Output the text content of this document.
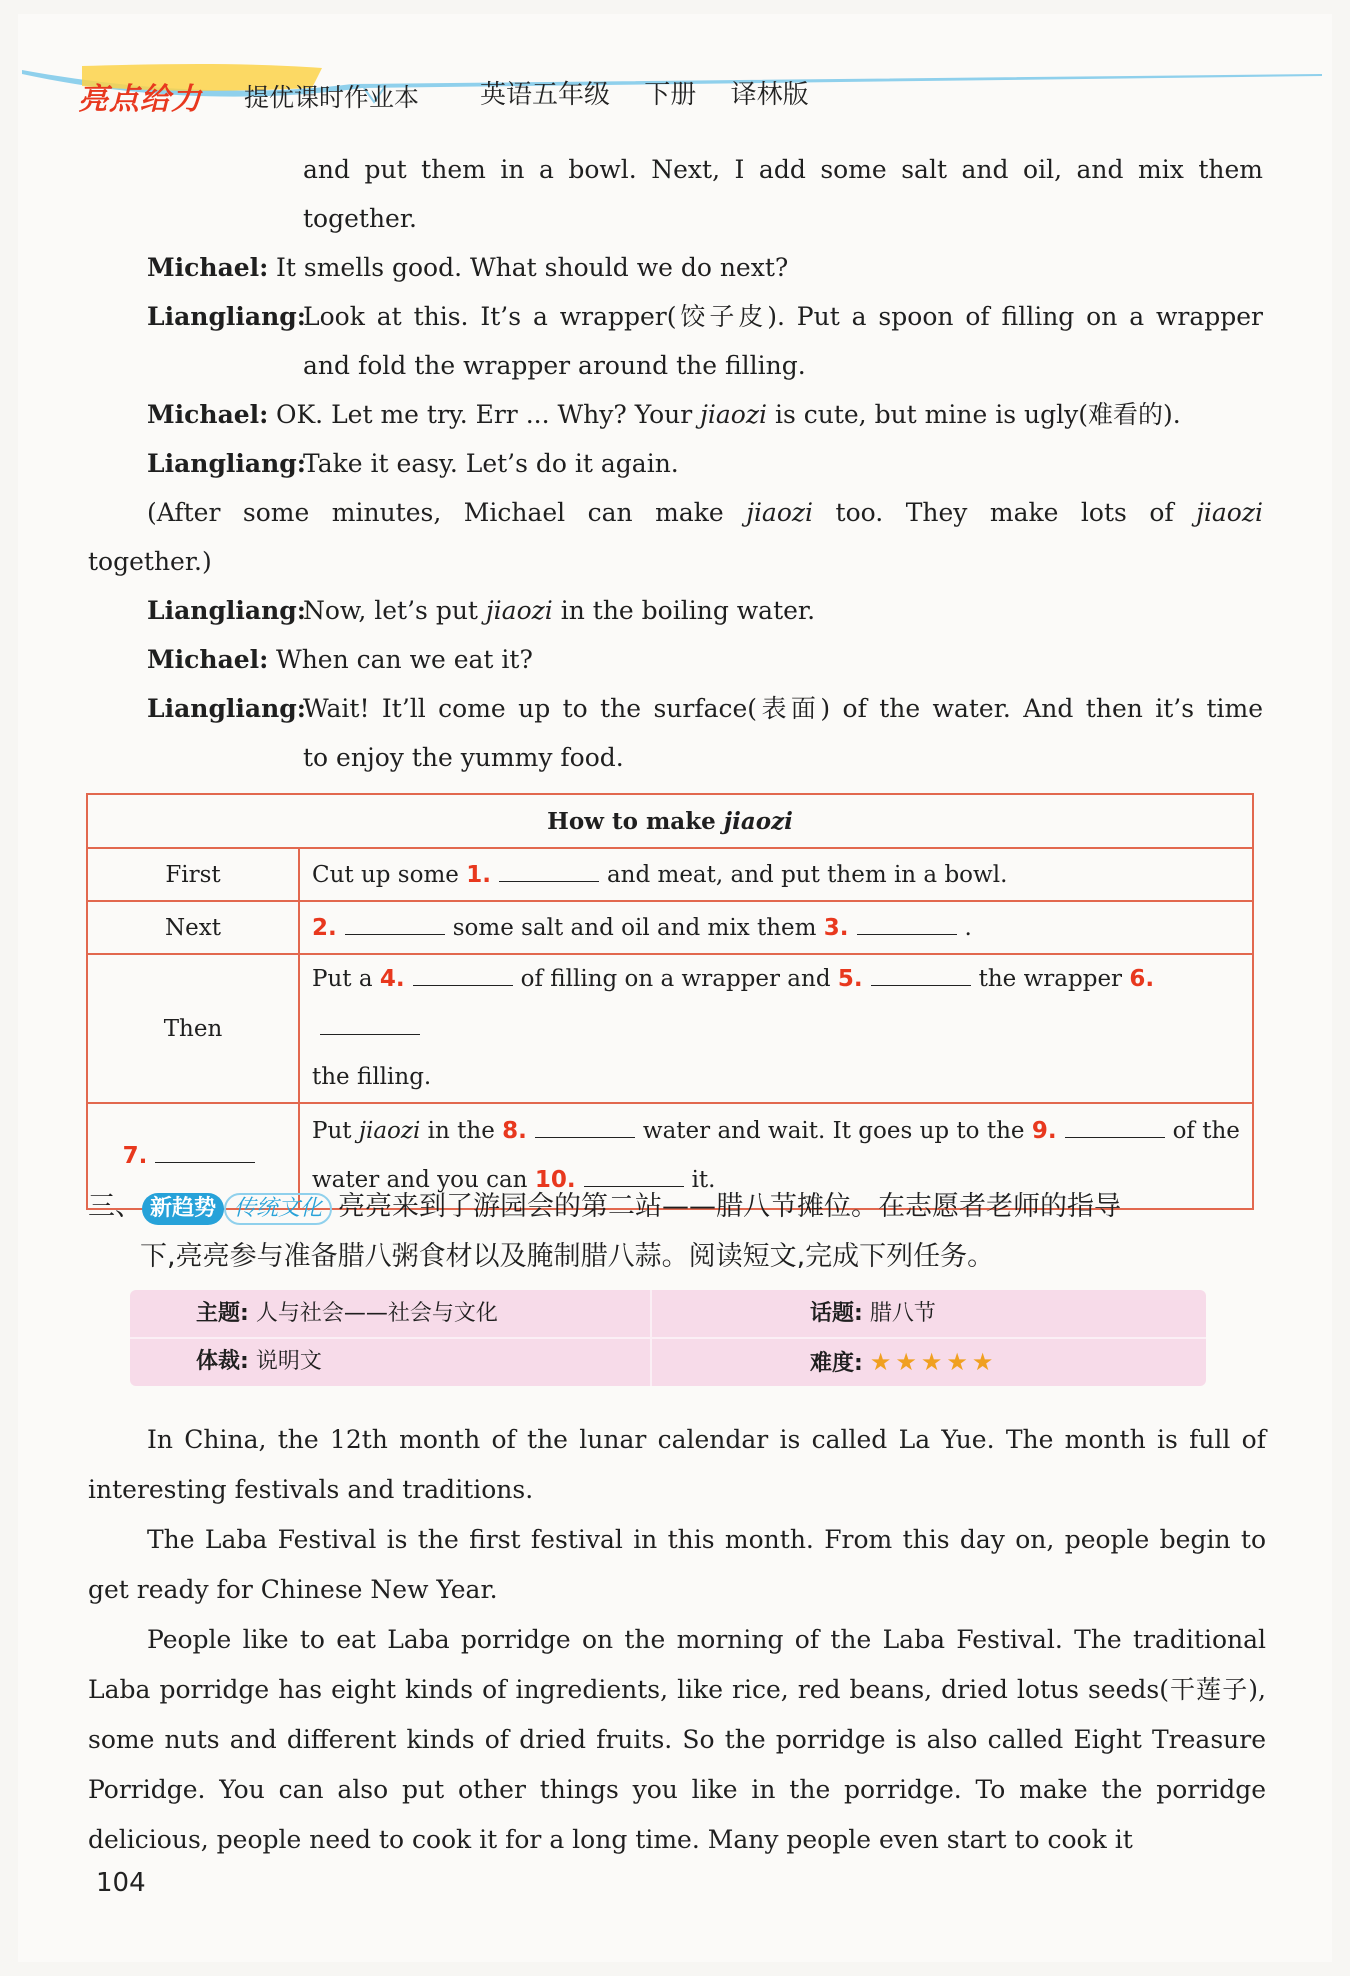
亮点给力 提优课时作业本 英语五年级 下册 译林版
and put them in a bowl. Next, I add some salt and oil, and mix them
together.
Michael: It smells good. What should we do next?
Liangliang:
Look at this. It’s a wrapper(饺子皮). Put a spoon of filling on a wrapper
and fold the wrapper around the filling.
Michael: OK. Let me try. Err ... Why? Your jiaozi is cute, but mine is ugly(难看的).
Liangliang:
Take it easy. Let’s do it again.
(After some minutes, Michael can make jiaozi too. They make lots of jiaozi
together.)
Liangliang:
Now, let’s put jiaozi in the boiling water.
Michael: When can we eat it?
Liangliang:
Wait! It’ll come up to the surface(表面) of the water. And then it’s time
to enjoy the yummy food.
How to make jiaozi	
First	Cut up some 1. and meat, and put them in a bowl.
Next	2. some salt and oil and mix them 3. .
Then	Put a 4. of filling on a wrapper and 5. the wrapper 6.
the filling.
7.	Put jiaozi in the 8. water and wait. It goes up to the 9. of the
water and you can 10. it.
三、 新趋势 传统文化 亮亮来到了游园会的第二站——腊八节摊位。在志愿者老师的指导
下,亮亮参与准备腊八粥食材以及腌制腊八蒜。阅读短文,完成下列任务。
主题: 人与社会——社会与文化	话题: 腊八节
体裁: 说明文	难度: ★★★★★

In China, the 12th month of the lunar calendar is called La Yue. The month is full of interesting festivals and traditions.

The Laba Festival is the first festival in this month. From this day on, people begin to get ready for Chinese New Year.

People like to eat Laba porridge on the morning of the Laba Festival. The traditional Laba porridge has eight kinds of ingredients, like rice, red beans, dried lotus seeds(干莲子), some nuts and different kinds of dried fruits. So the porridge is also called Eight Treasure Porridge. You can also put other things you like in the porridge. To make the porridge delicious, people need to cook it for a long time. Many people even start to cook it

104
